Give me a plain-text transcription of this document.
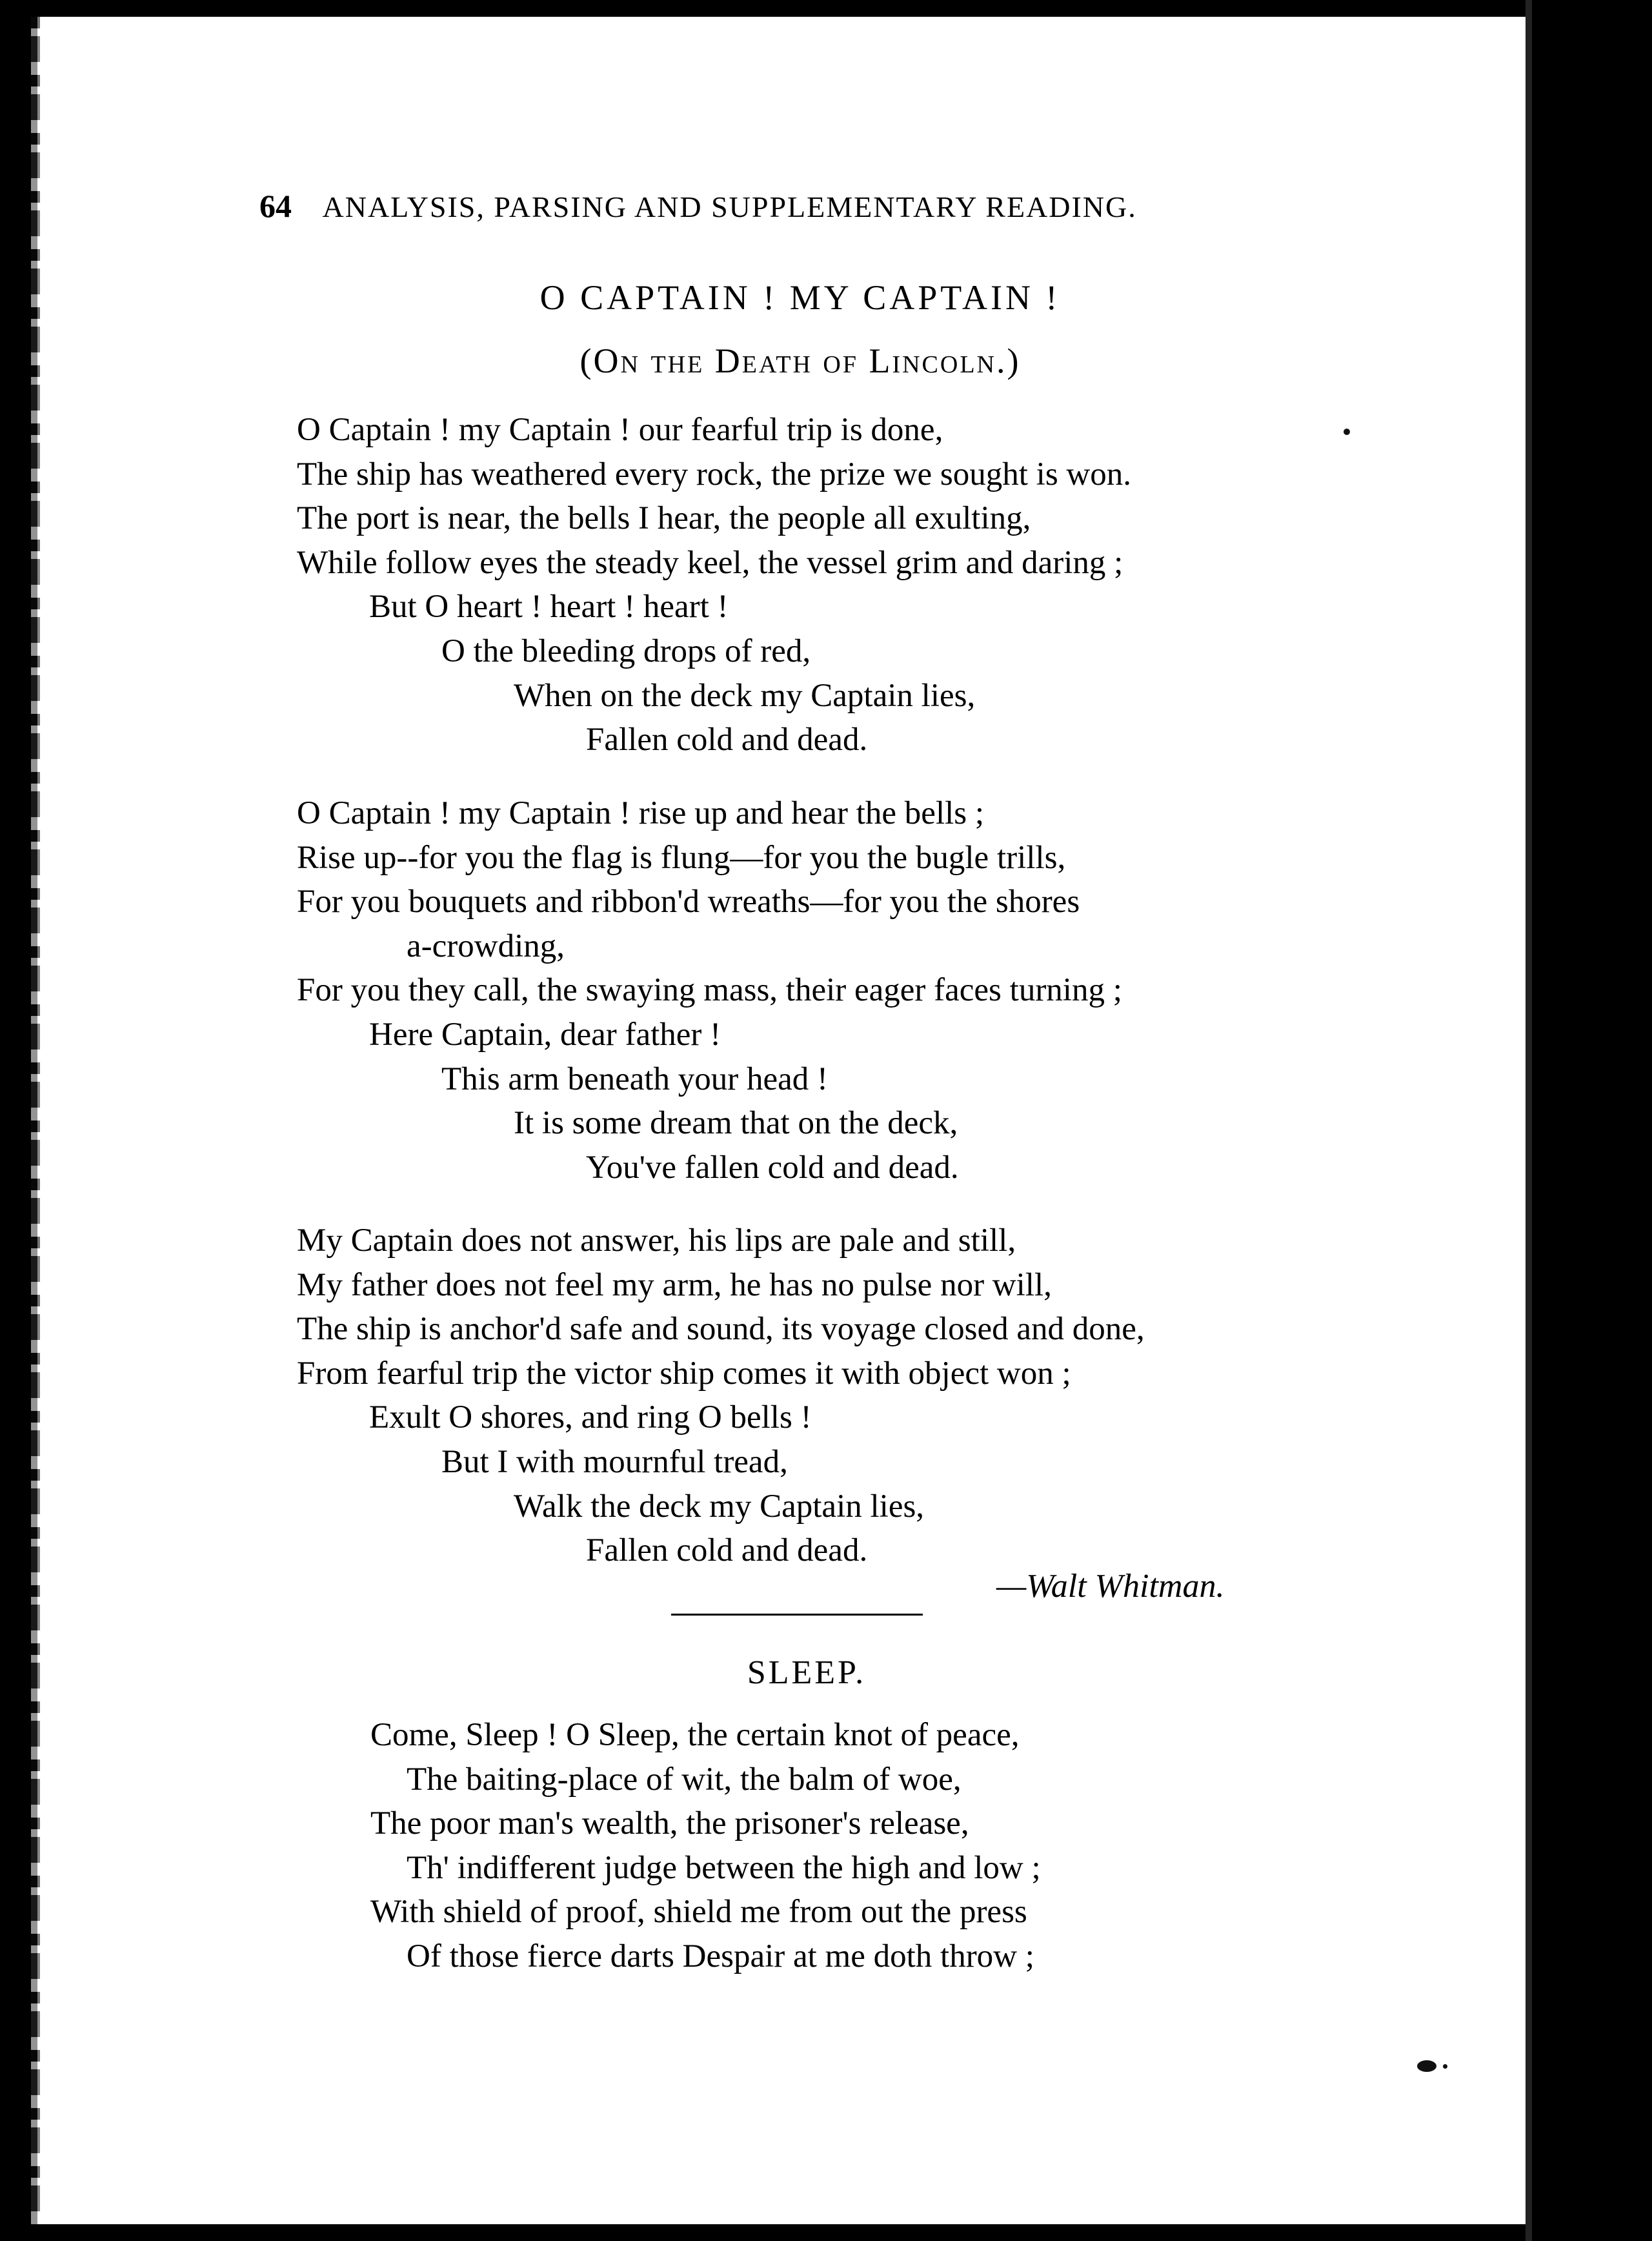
64 ANALYSIS, PARSING AND SUPPLEMENTARY READING.
O CAPTAIN ! MY CAPTAIN !
(On the Death of Lincoln.)
O Captain ! my Captain ! our fearful trip is done,
The ship has weathered every rock, the prize we sought is won.
The port is near, the bells I hear, the people all exulting,
While follow eyes the steady keel, the vessel grim and daring ;
But O heart ! heart ! heart !
O the bleeding drops of red,
When on the deck my Captain lies,
Fallen cold and dead.
O Captain ! my Captain ! rise up and hear the bells ;
Rise up--for you the flag is flung—for you the bugle trills,
For you bouquets and ribbon'd wreaths—for you the shores
a-crowding,
For you they call, the swaying mass, their eager faces turning ;
Here Captain, dear father !
This arm beneath your head !
It is some dream that on the deck,
You've fallen cold and dead.
My Captain does not answer, his lips are pale and still,
My father does not feel my arm, he has no pulse nor will,
The ship is anchor'd safe and sound, its voyage closed and done,
From fearful trip the victor ship comes it with object won ;
Exult O shores, and ring O bells !
But I with mournful tread,
Walk the deck my Captain lies,
Fallen cold and dead.
—Walt Whitman.
SLEEP.
Come, Sleep ! O Sleep, the certain knot of peace,
The baiting-place of wit, the balm of woe,
The poor man's wealth, the prisoner's release,
Th' indifferent judge between the high and low ;
With shield of proof, shield me from out the press
Of those fierce darts Despair at me doth throw ;
